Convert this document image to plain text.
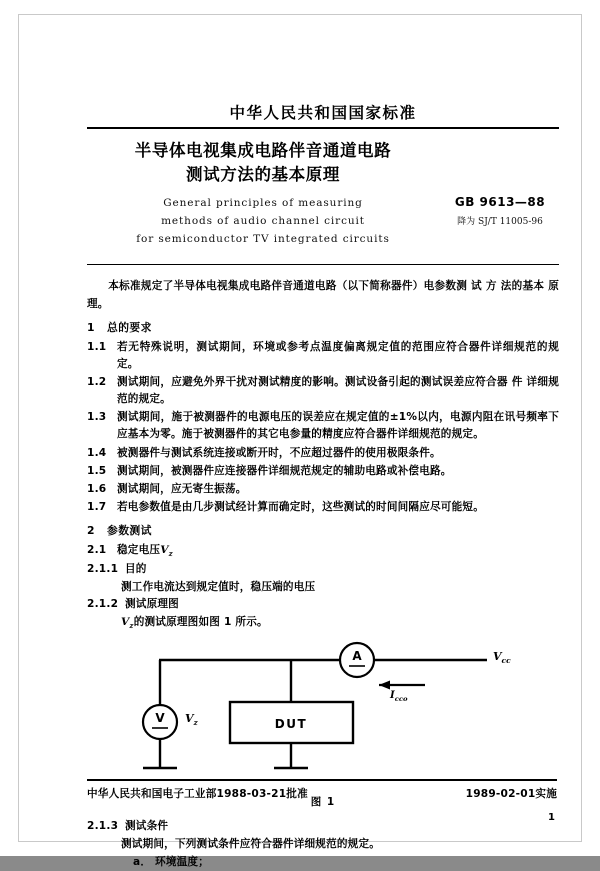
中华人民共和国国家标准
半导体电视集成电路伴音通道电路
测试方法的基本原理
General principles of measuring
methods of audio channel circuit
for semiconductor TV integrated circuits
GB 9613—88
降为 SJ/T 11005-96

本标准规定了半导体电视集成电路伴音通道电路（以下简称器件）电参数测 试 方 法的基本 原理。

1 总的要求
1.1	若无特殊说明，测试期间，环境或参考点温度偏离规定值的范围应符合器件详细规范的规定。
1.2	测试期间，应避免外界干扰对测试精度的影响。测试设备引起的测试误差应符合器 件 详细规范的规定。
1.3	测试期间，施于被测器件的电源电压的误差应在规定值的±1%以内，电源内阻在讯号频率下应基本为零。施于被测器件的其它电参量的精度应符合器件详细规范的规定。
1.4	被测器件与测试系统连接或断开时，不应超过器件的使用极限条件。
1.5	测试期间，被测器件应连接器件详细规范规定的辅助电路或补偿电路。
1.6	测试期间，应无寄生振荡。
1.7	若电参数值是由几步测试经计算而确定时，这些测试的时间间隔应尽可能短。
2 参数测试
2.1	稳定电压$V_z$
2.1.1 目的
测工作电流达到规定值时，稳压端的电压
2.1.2 测试原理图
$V_z$的测试原理图如图 1 所示。
V	DUT
A
$V_z$
$V_{cc}$
$I_{cco}$
图 1
2.1.3 测试条件
测试期间，下列测试条件应符合器件详细规范的规定。
a． 环境温度；
中华人民共和国电子工业部1988-03-21批准	1989-02-01实施
1
